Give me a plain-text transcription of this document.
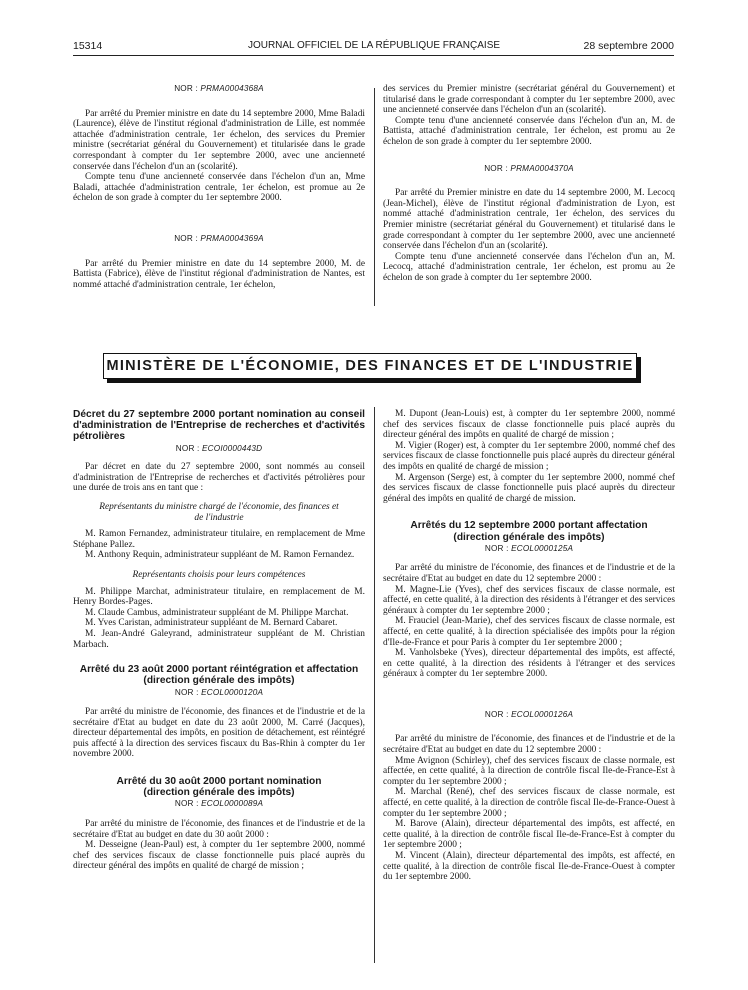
15314	JOURNAL OFFICIEL DE LA RÉPUBLIQUE FRANÇAISE	28 septembre 2000

NOR : PRMA0004368A

Par arrêté du Premier ministre en date du 14 septembre 2000, Mme Baladi (Laurence), élève de l'institut régional d'administration de Lille, est nommée attachée d'administration centrale, 1er échelon, des services du Premier ministre (secrétariat général du Gouvernement) et titularisée dans le grade correspondant à compter du 1er septembre 2000, avec une ancienneté conservée dans l'échelon d'un an (scolarité).

Compte tenu d'une ancienneté conservée dans l'échelon d'un an, Mme Baladi, attachée d'administration centrale, 1er échelon, est promue au 2e échelon de son grade à compter du 1er septembre 2000.

NOR : PRMA0004369A

Par arrêté du Premier ministre en date du 14 septembre 2000, M. de Battista (Fabrice), élève de l'institut régional d'administration de Nantes, est nommé attaché d'administration centrale, 1er échelon,

des services du Premier ministre (secrétariat général du Gouvernement) et titularisé dans le grade correspondant à compter du 1er septembre 2000, avec une ancienneté conservée dans l'échelon d'un an (scolarité).

Compte tenu d'une ancienneté conservée dans l'échelon d'un an, M. de Battista, attaché d'administration centrale, 1er échelon, est promu au 2e échelon de son grade à compter du 1er septembre 2000.

NOR : PRMA0004370A

Par arrêté du Premier ministre en date du 14 septembre 2000, M. Lecocq (Jean-Michel), élève de l'institut régional d'administration de Lyon, est nommé attaché d'administration centrale, 1er échelon, des services du Premier ministre (secrétariat général du Gouvernement) et titularisé dans le grade correspondant à compter du 1er septembre 2000, avec une ancienneté conservée dans l'échelon d'un an (scolarité).

Compte tenu d'une ancienneté conservée dans l'échelon d'un an, M. Lecocq, attaché d'administration centrale, 1er échelon, est promu au 2e échelon de son grade à compter du 1er septembre 2000.

MINISTÈRE DE L'ÉCONOMIE, DES FINANCES ET DE L'INDUSTRIE

Décret du 27 septembre 2000 portant nomination au conseil d'administration de l'Entreprise de recherches et d'activités pétrolières

NOR : ECOI0000443D

Par décret en date du 27 septembre 2000, sont nommés au conseil d'administration de l'Entreprise de recherches et d'activités pétrolières pour une durée de trois ans en tant que :

Représentants du ministre chargé de l'économie, des finances et de l'industrie

M. Ramon Fernandez, administrateur titulaire, en remplacement de Mme Stéphane Pallez.

M. Anthony Requin, administrateur suppléant de M. Ramon Fernandez.

Représentants choisis pour leurs compétences

M. Philippe Marchat, administrateur titulaire, en remplacement de M. Henry Bordes-Pages.

M. Claude Cambus, administrateur suppléant de M. Philippe Marchat.

M. Yves Caristan, administrateur suppléant de M. Bernard Cabaret.

M. Jean-André Galeyrand, administrateur suppléant de M. Christian Marbach.

Arrêté du 23 août 2000 portant réintégration et affectation (direction générale des impôts)

NOR : ECOL0000120A

Par arrêté du ministre de l'économie, des finances et de l'industrie et de la secrétaire d'Etat au budget en date du 23 août 2000, M. Carré (Jacques), directeur départemental des impôts, en position de détachement, est réintégré puis affecté à la direction des services fiscaux du Bas-Rhin à compter du 1er novembre 2000.

Arrêté du 30 août 2000 portant nomination (direction générale des impôts)

NOR : ECOL0000089A

Par arrêté du ministre de l'économie, des finances et de l'industrie et de la secrétaire d'Etat au budget en date du 30 août 2000 :

M. Desseigne (Jean-Paul) est, à compter du 1er septembre 2000, nommé chef des services fiscaux de classe fonctionnelle puis placé auprès du directeur général des impôts en qualité de chargé de mission ;

M. Dupont (Jean-Louis) est, à compter du 1er septembre 2000, nommé chef des services fiscaux de classe fonctionnelle puis placé auprès du directeur général des impôts en qualité de chargé de mission ;

M. Vigier (Roger) est, à compter du 1er septembre 2000, nommé chef des services fiscaux de classe fonctionnelle puis placé auprès du directeur général des impôts en qualité de chargé de mission ;

M. Argenson (Serge) est, à compter du 1er septembre 2000, nommé chef des services fiscaux de classe fonctionnelle puis placé auprès du directeur général des impôts en qualité de chargé de mission.

Arrêtés du 12 septembre 2000 portant affectation (direction générale des impôts)

NOR : ECOL0000125A

Par arrêté du ministre de l'économie, des finances et de l'industrie et de la secrétaire d'Etat au budget en date du 12 septembre 2000 :

M. Magne-Lie (Yves), chef des services fiscaux de classe normale, est affecté, en cette qualité, à la direction des résidents à l'étranger et des services généraux à compter du 1er septembre 2000 ;

M. Frauciel (Jean-Marie), chef des services fiscaux de classe normale, est affecté, en cette qualité, à la direction spécialisée des impôts pour la région d'Ile-de-France et pour Paris à compter du 1er septembre 2000 ;

M. Vanholsbeke (Yves), directeur départemental des impôts, est affecté, en cette qualité, à la direction des résidents à l'étranger et des services généraux à compter du 1er septembre 2000.

NOR : ECOL0000126A

Par arrêté du ministre de l'économie, des finances et de l'industrie et de la secrétaire d'Etat au budget en date du 12 septembre 2000 :

Mme Avignon (Schirley), chef des services fiscaux de classe normale, est affectée, en cette qualité, à la direction de contrôle fiscal Ile-de-France-Est à compter du 1er septembre 2000 ;

M. Marchal (René), chef des services fiscaux de classe normale, est affecté, en cette qualité, à la direction de contrôle fiscal Ile-de-France-Ouest à compter du 1er septembre 2000 ;

M. Barove (Alain), directeur départemental des impôts, est affecté, en cette qualité, à la direction de contrôle fiscal Ile-de-France-Est à compter du 1er septembre 2000 ;

M. Vincent (Alain), directeur départemental des impôts, est affecté, en cette qualité, à la direction de contrôle fiscal Ile-de-France-Ouest à compter du 1er septembre 2000.
